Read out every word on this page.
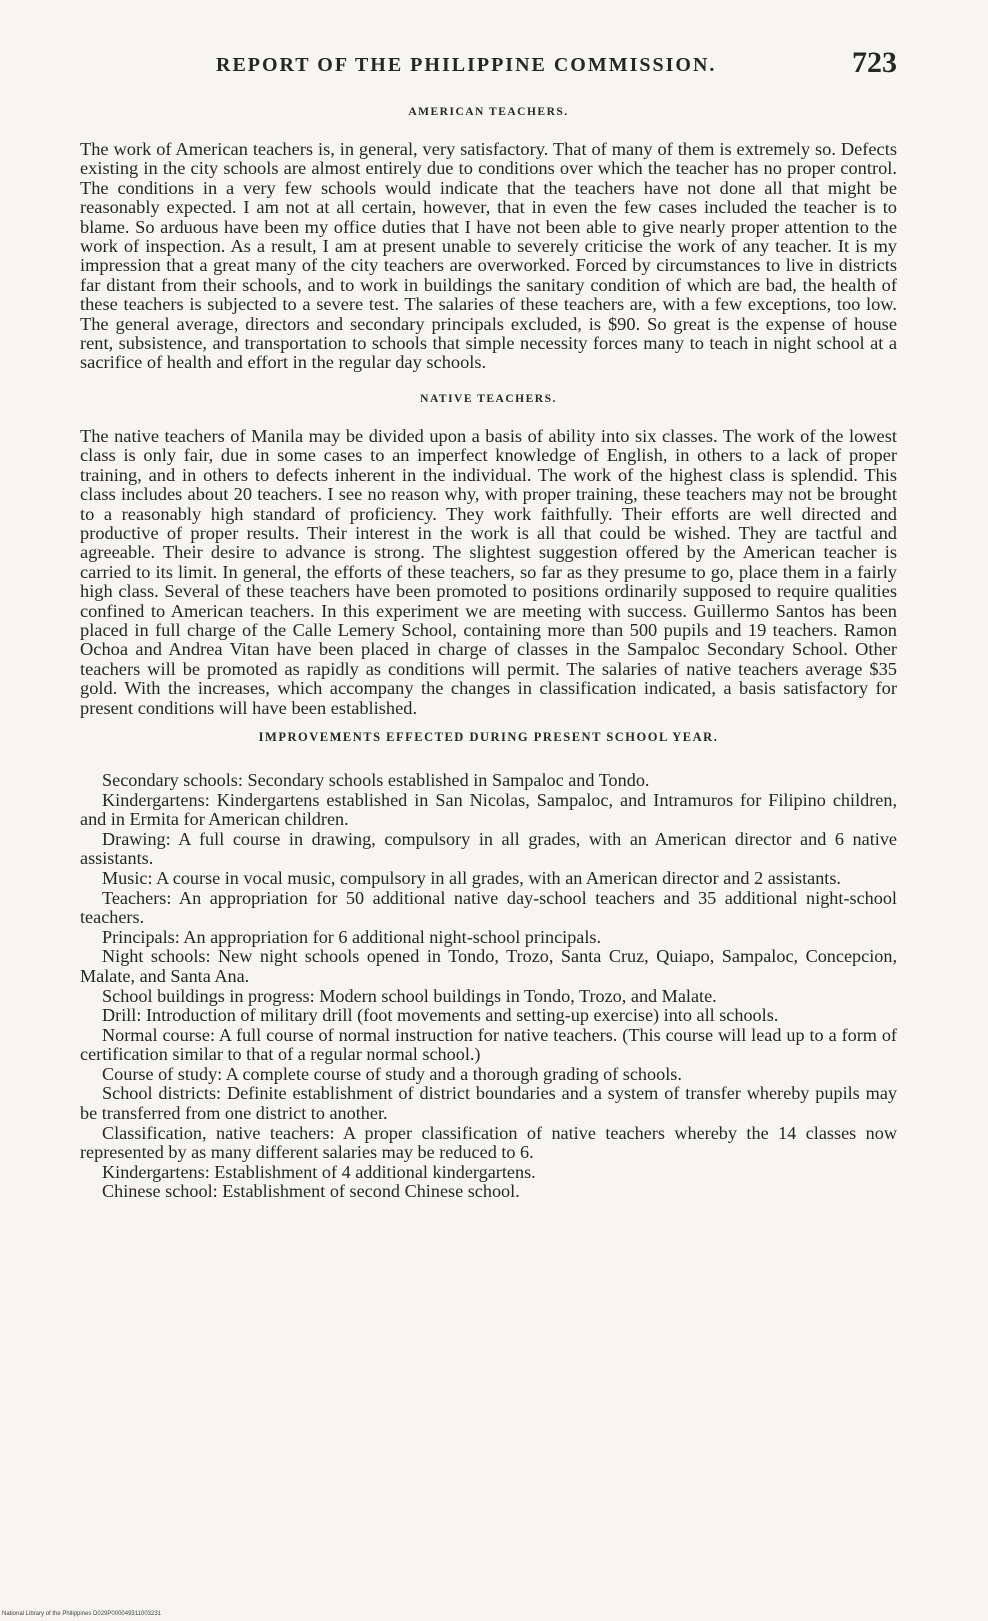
REPORT OF THE PHILIPPINE COMMISSION.	723
AMERICAN TEACHERS.

The work of American teachers is, in general, very satisfactory. That of many of them is extremely so. Defects existing in the city schools are almost entirely due to conditions over which the teacher has no proper control. The conditions in a very few schools would indicate that the teachers have not done all that might be reasonably expected. I am not at all certain, however, that in even the few cases included the teacher is to blame. So arduous have been my office duties that I have not been able to give nearly proper attention to the work of inspection. As a result, I am at present unable to severely criticise the work of any teacher. It is my impression that a great many of the city teachers are overworked. Forced by circumstances to live in districts far distant from their schools, and to work in buildings the sanitary condition of which are bad, the health of these teachers is subjected to a severe test. The salaries of these teachers are, with a few exceptions, too low. The general average, directors and secondary principals excluded, is $90. So great is the expense of house rent, subsistence, and transportation to schools that simple necessity forces many to teach in night school at a sacrifice of health and effort in the regular day schools.

NATIVE TEACHERS.

The native teachers of Manila may be divided upon a basis of ability into six classes. The work of the lowest class is only fair, due in some cases to an imperfect knowledge of English, in others to a lack of proper training, and in others to defects inherent in the individual. The work of the highest class is splendid. This class includes about 20 teachers. I see no reason why, with proper training, these teachers may not be brought to a reasonably high standard of proficiency. They work faithfully. Their efforts are well directed and productive of proper results. Their interest in the work is all that could be wished. They are tactful and agreeable. Their desire to advance is strong. The slightest suggestion offered by the American teacher is carried to its limit. In general, the efforts of these teachers, so far as they presume to go, place them in a fairly high class. Several of these teachers have been promoted to positions ordinarily supposed to require qualities confined to American teachers. In this experiment we are meeting with success. Guillermo Santos has been placed in full charge of the Calle Lemery School, containing more than 500 pupils and 19 teachers. Ramon Ochoa and Andrea Vitan have been placed in charge of classes in the Sampaloc Secondary School. Other teachers will be promoted as rapidly as conditions will permit. The salaries of native teachers average $35 gold. With the increases, which accompany the changes in classification indicated, a basis satisfactory for present conditions will have been established.

IMPROVEMENTS EFFECTED DURING PRESENT SCHOOL YEAR.
Secondary schools: Secondary schools established in Sampaloc and Tondo.
Kindergartens: Kindergartens established in San Nicolas, Sampaloc, and Intramuros for Filipino children, and in Ermita for American children.
Drawing: A full course in drawing, compulsory in all grades, with an American director and 6 native assistants.
Music: A course in vocal music, compulsory in all grades, with an American director and 2 assistants.
Teachers: An appropriation for 50 additional native day-school teachers and 35 additional night-school teachers.
Principals: An appropriation for 6 additional night-school principals.
Night schools: New night schools opened in Tondo, Trozo, Santa Cruz, Quiapo, Sampaloc, Concepcion, Malate, and Santa Ana.
School buildings in progress: Modern school buildings in Tondo, Trozo, and Malate.
Drill: Introduction of military drill (foot movements and setting-up exercise) into all schools.
Normal course: A full course of normal instruction for native teachers. (This course will lead up to a form of certification similar to that of a regular normal school.)
Course of study: A complete course of study and a thorough grading of schools.
School districts: Definite establishment of district boundaries and a system of transfer whereby pupils may be transferred from one district to another.
Classification, native teachers: A proper classification of native teachers whereby the 14 classes now represented by as many different salaries may be reduced to 6.
Kindergartens: Establishment of 4 additional kindergartens.
Chinese school: Establishment of second Chinese school.
National Library of the Philippines D029P000049311003231
